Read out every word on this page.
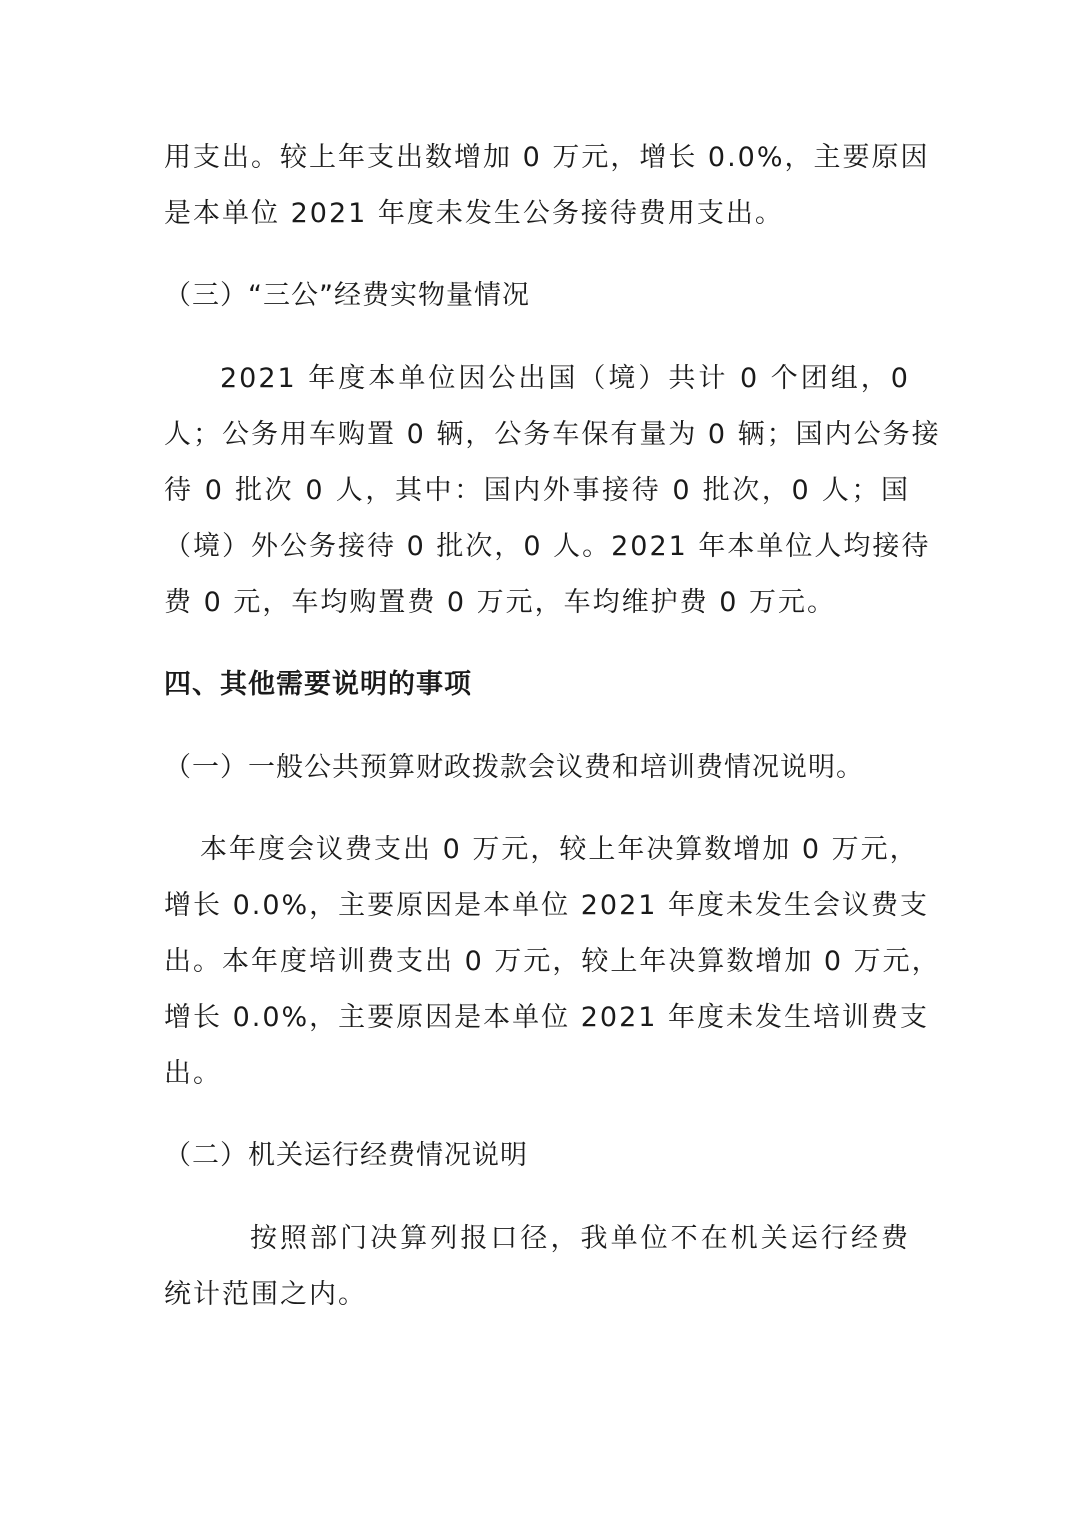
用支出。较上年支出数增加 0 万元，增长 0.0%，主要原因
是本单位 2021 年度未发生公务接待费用支出。
（三）“三公”经费实物量情况
2021 年度本单位因公出国（境）共计 0 个团组，0
人；公务用车购置 0 辆，公务车保有量为 0 辆；国内公务接
待 0 批次 0 人，其中：国内外事接待 0 批次，0 人；国
（境）外公务接待 0 批次，0 人。2021 年本单位人均接待
费 0 元，车均购置费 0 万元，车均维护费 0 万元。
四、其他需要说明的事项
（一）一般公共预算财政拨款会议费和培训费情况说明。
本年度会议费支出 0 万元，较上年决算数增加 0 万元，
增长 0.0%，主要原因是本单位 2021 年度未发生会议费支
出。本年度培训费支出 0 万元，较上年决算数增加 0 万元，
增长 0.0%，主要原因是本单位 2021 年度未发生培训费支
出。
（二）机关运行经费情况说明
按照部门决算列报口径，我单位不在机关运行经费
统计范围之内。
